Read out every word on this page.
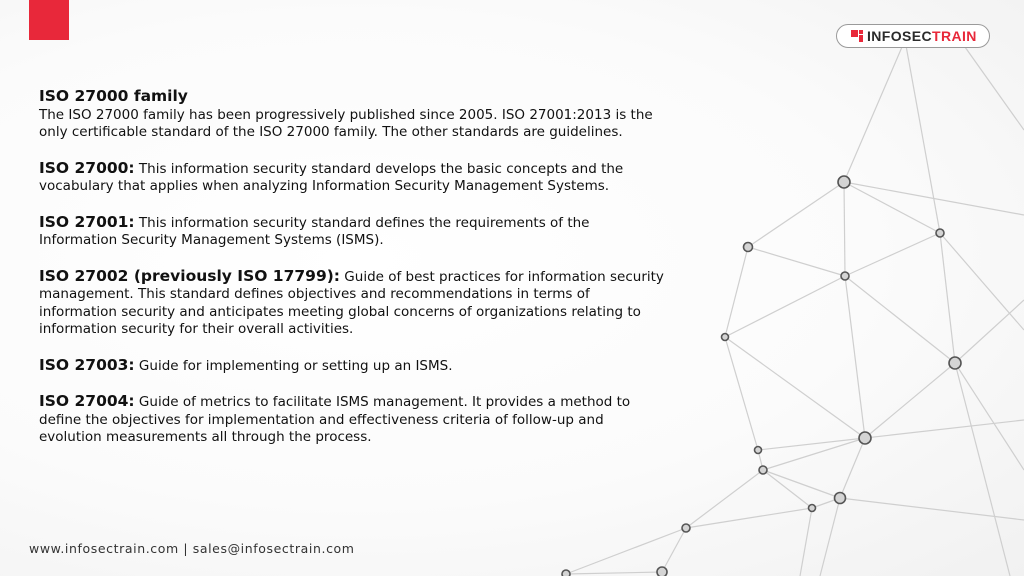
INFOSECTRAIN

ISO 27000 family
The ISO 27000 family has been progressively published since 2005. ISO 27001:2013 is the only certificable standard of the ISO 27000 family. The other standards are guidelines.

ISO 27000: This information security standard develops the basic concepts and the vocabulary that applies when analyzing Information Security Management Systems.

ISO 27001: This information security standard defines the requirements of the Information Security Management Systems (ISMS).

ISO 27002 (previously ISO 17799): Guide of best practices for information security management. This standard defines objectives and recommendations in terms of information security and anticipates meeting global concerns of organizations relating to information security for their overall activities.

ISO 27003: Guide for implementing or setting up an ISMS.

ISO 27004: Guide of metrics to facilitate ISMS management. It provides a method to define the objectives for implementation and effectiveness criteria of follow-up and evolution measurements all through the process.

www.infosectrain.com | sales@infosectrain.com
